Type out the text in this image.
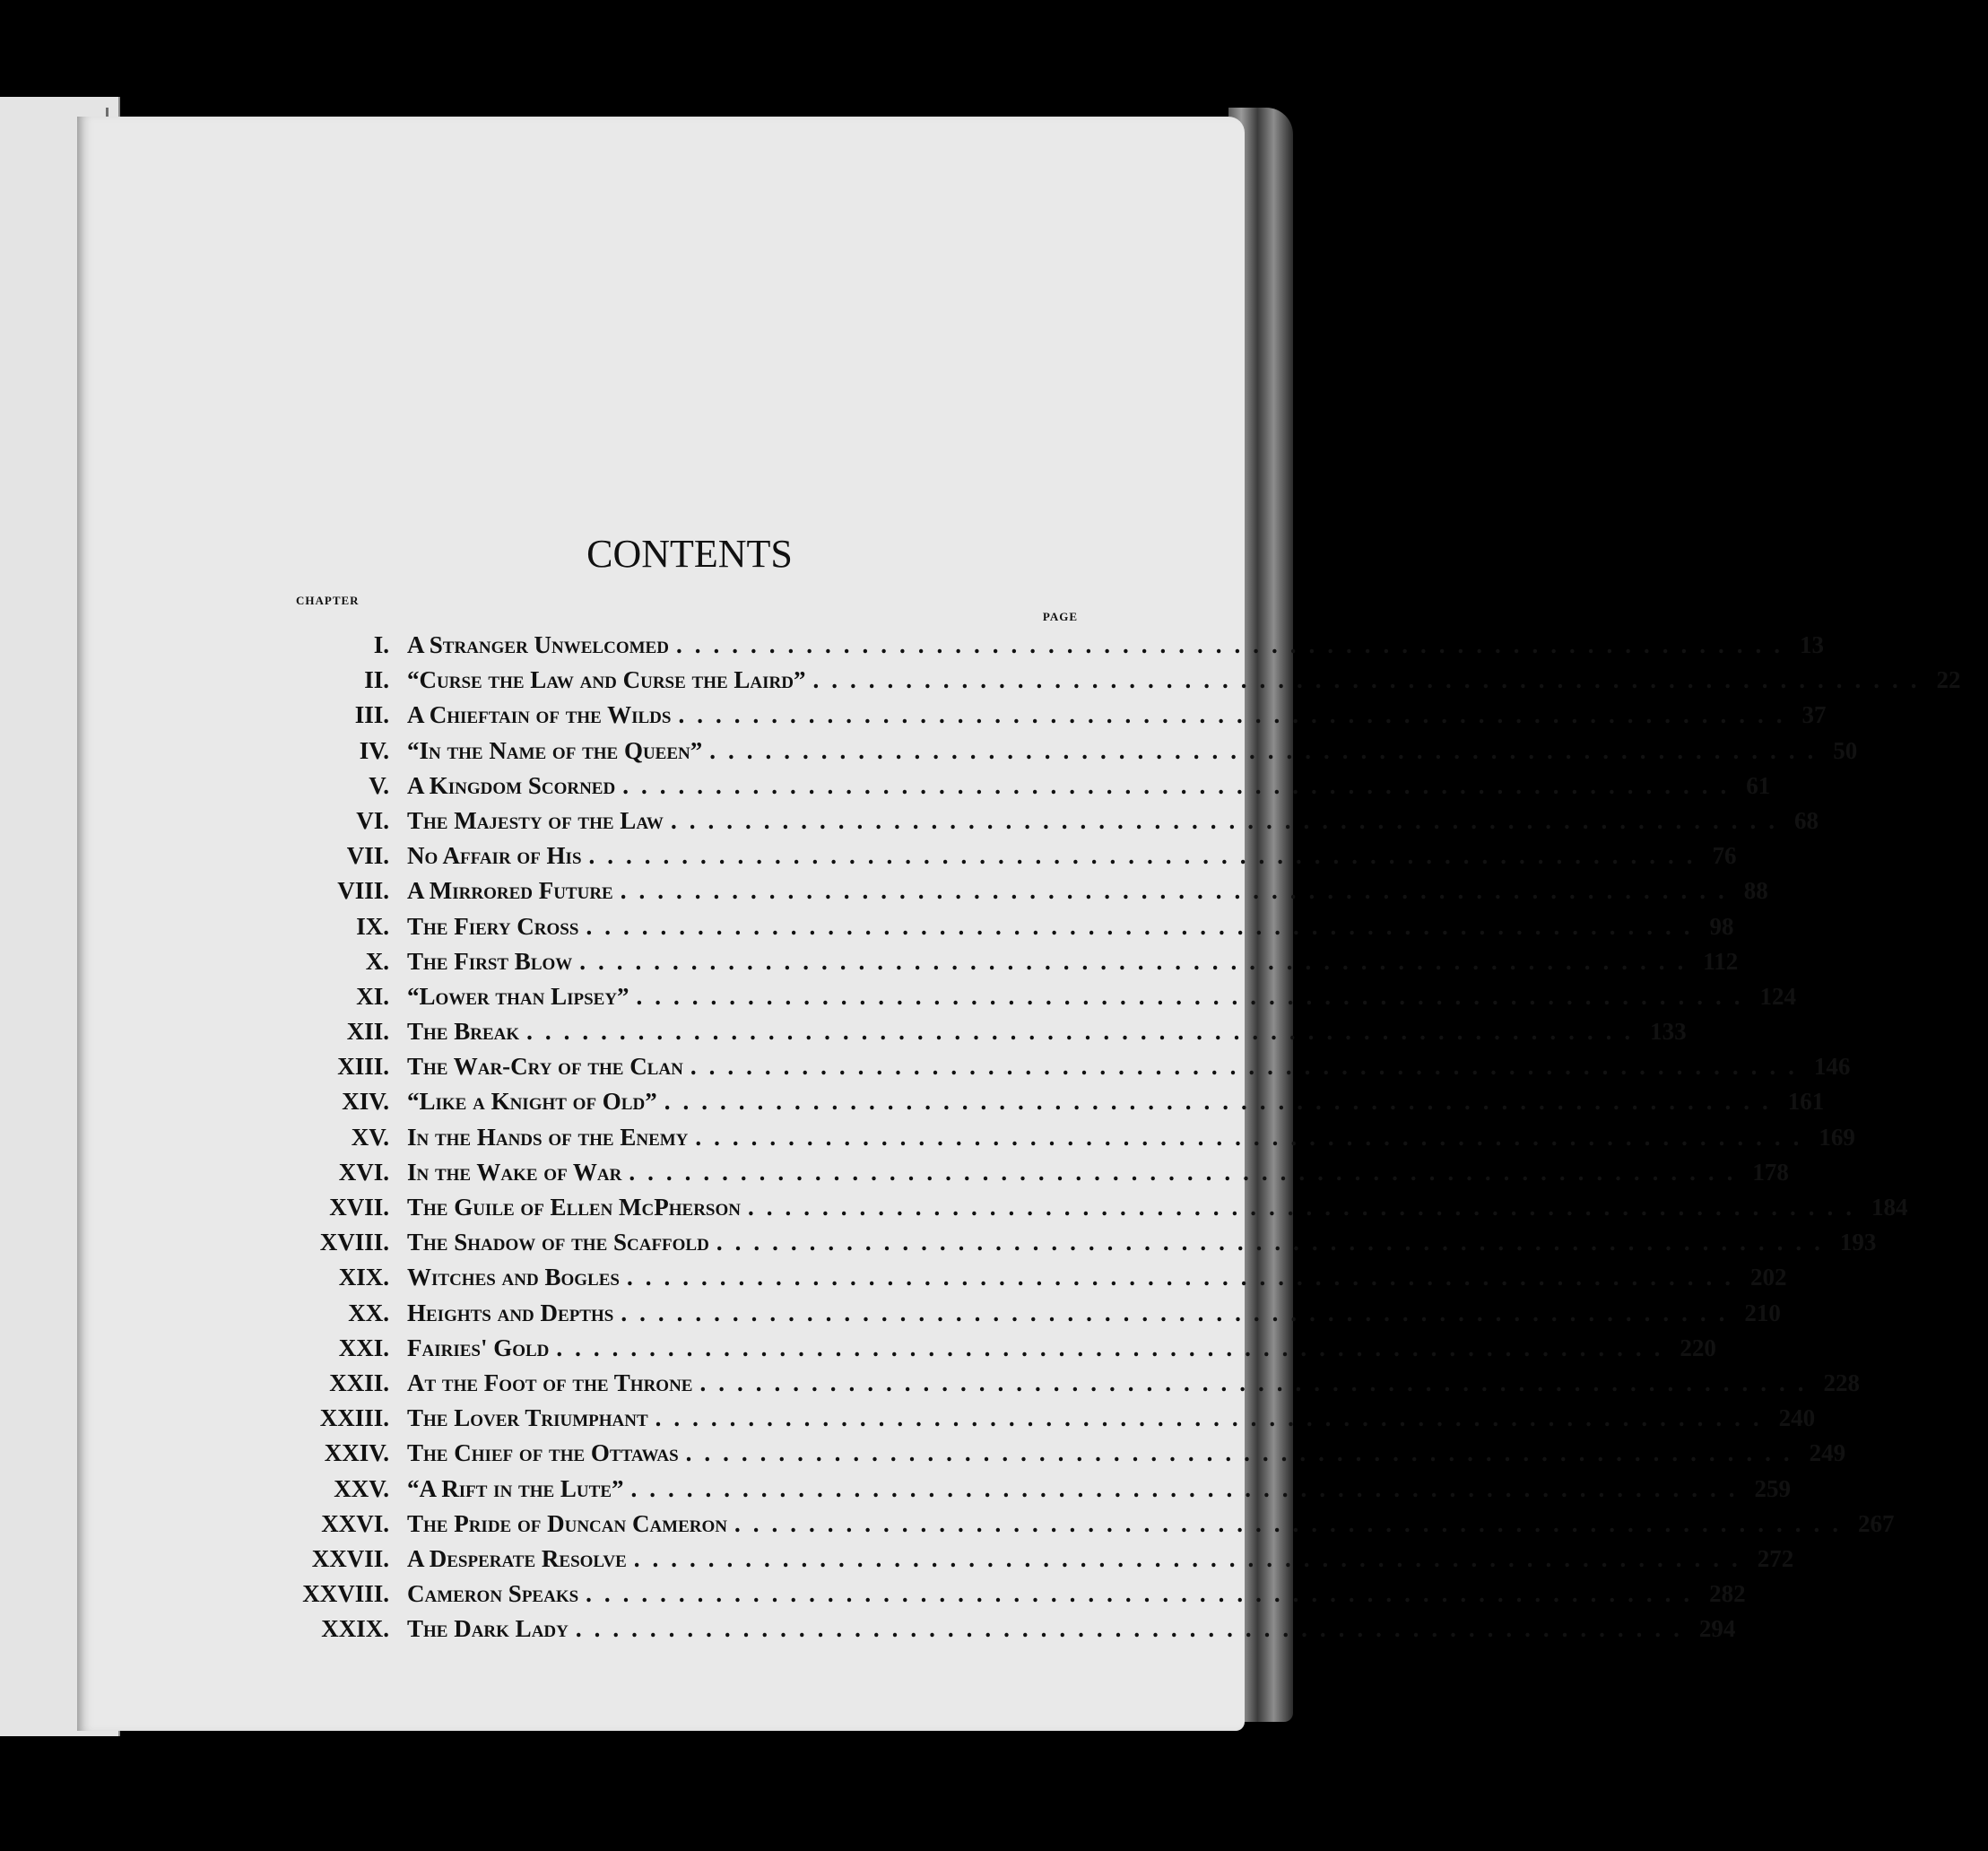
CONTENTS
CHAPTER
PAGE
I. A Stranger Unwelcomed ............................................................ 13
II. “Curse the Law and Curse the Laird” ............................................................ 22
III. A Chieftain of the Wilds ............................................................ 37
IV. “In the Name of the Queen” ............................................................ 50
V. A Kingdom Scorned ............................................................ 61
VI. The Majesty of the Law ............................................................ 68
VII. No Affair of His ............................................................ 76
VIII. A Mirrored Future ............................................................ 88
IX. The Fiery Cross ............................................................ 98
X. The First Blow ............................................................ 112
XI. “Lower than Lipsey” ............................................................ 124
XII. The Break ............................................................ 133
XIII. The War-Cry of the Clan ............................................................ 146
XIV. “Like a Knight of Old” ............................................................ 161
XV. In the Hands of the Enemy ............................................................ 169
XVI. In the Wake of War ............................................................ 178
XVII. The Guile of Ellen McPherson ............................................................ 184
XVIII. The Shadow of the Scaffold ............................................................ 193
XIX. Witches and Bogles ............................................................ 202
XX. Heights and Depths ............................................................ 210
XXI. Fairies' Gold ............................................................ 220
XXII. At the Foot of the Throne ............................................................ 228
XXIII. The Lover Triumphant ............................................................ 240
XXIV. The Chief of the Ottawas ............................................................ 249
XXV. “A Rift in the Lute” ............................................................ 259
XXVI. The Pride of Duncan Cameron ............................................................ 267
XXVII. A Desperate Resolve ............................................................ 272
XXVIII. Cameron Speaks ............................................................ 282
XXIX. The Dark Lady ............................................................ 294
